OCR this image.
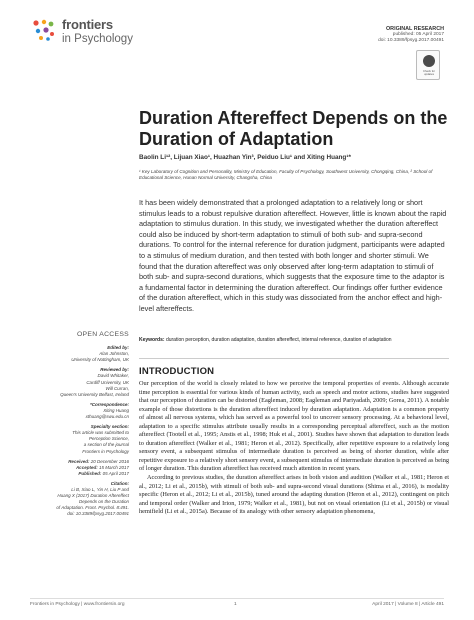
frontiers
in Psychology
ORIGINAL RESEARCH
published: 05 April 2017
doi: 10.3389/fpsyg.2017.00491
Check for updates
Duration Aftereffect Depends on the Duration of Adaptation
Baolin Li¹², Lijuan Xiao¹, Huazhan Yin³, Peiduo Liu¹ and Xiting Huang¹*
¹ Key Laboratory of Cognition and Personality, Ministry of Education, Faculty of Psychology, Southwest University, Chongqing, China, ² School of Educational Science, Hunan Normal University, Changsha, China
It has been widely demonstrated that a prolonged adaptation to a relatively long or short stimulus leads to a robust repulsive duration aftereffect. However, little is known about the rapid adaptation to stimulus duration. In this study, we investigated whether the duration aftereffect could also be induced by short-term adaptation to stimuli of both sub- and supra-second durations. To control for the internal reference for duration judgment, participants were adapted to a stimulus of medium duration, and then tested with both longer and shorter stimuli. We found that the duration aftereffect was only observed after long-term adaptation to stimuli of both sub- and supra-second durations, which suggests that the exposure time to the adaptor is a fundamental factor in determining the duration aftereffect. Our findings offer further evidence of the duration aftereffect, which in this study was dissociated from the anchor effect and high-level aftereffects.
Keywords: duration perception, duration adaptation, duration aftereffect, internal reference, duration of adaptation
INTRODUCTION

Our perception of the world is closely related to how we perceive the temporal properties of events. Although accurate time perception is essential for various kinds of human activity, such as speech and motor actions, studies have suggested that our perception of duration can be distorted (Eagleman, 2008; Eagleman and Pariyadath, 2009; Gorea, 2011). A notable example of those distortions is the duration aftereffect induced by duration adaptation. Adaptation is a common property of almost all nervous systems, which has served as a powerful tool to uncover sensory processing. At a behavioral level, adaptation to a specific stimulus attribute usually results in a corresponding perceptual aftereffect, such as the motion aftereffect (Tootell et al., 1995; Anstis et al., 1998; Huk et al., 2001). Studies have shown that adaptation to duration leads to duration aftereffect (Walker et al., 1981; Heron et al., 2012). Specifically, after repetitive exposure to a relatively long sensory event, a subsequent stimulus of intermediate duration is perceived as being of shorter duration, while after repetitive exposure to a relatively short sensory event, a subsequent stimulus of intermediate duration is perceived as being of longer duration. This duration aftereffect has received much attention in recent years.

According to previous studies, the duration aftereffect arises in both vision and audition (Walker et al., 1981; Heron et al., 2012; Li et al., 2015b), with stimuli of both sub- and supra-second visual durations (Shima et al., 2016), is modality specific (Heron et al., 2012; Li et al., 2015b), tuned around the adapting duration (Heron et al., 2012), contingent on pitch and temporal order (Walker and Irion, 1979; Walker et al., 1981), but not on visual orientation (Li et al., 2015b) or visual hemifield (Li et al., 2015a). Because of its analogy with other sensory adaptation phenomena,

OPEN ACCESS
Edited by:
Alan Johnston,
University of Nottingham, UK
Reviewed by:
David Whitaker,
Cardiff University, UK
Will Curran,
Queen's University Belfast, Ireland
*Correspondence:
Xiting Huang
xthuang@swu.edu.cn
Specialty section:
This article was submitted to
Perception Science,
a section of the journal
Frontiers in Psychology
Received: 20 December 2016
Accepted: 15 March 2017
Published: 05 April 2017
Citation:
Li B, Xiao L, Yin H, Liu P and
Huang X (2017) Duration Aftereffect
Depends on the Duration
of Adaptation. Front. Psychol. 8:491.
doi: 10.3389/fpsyg.2017.00491
Frontiers in Psychology | www.frontiersin.org	1	April 2017 | Volume 8 | Article 491
